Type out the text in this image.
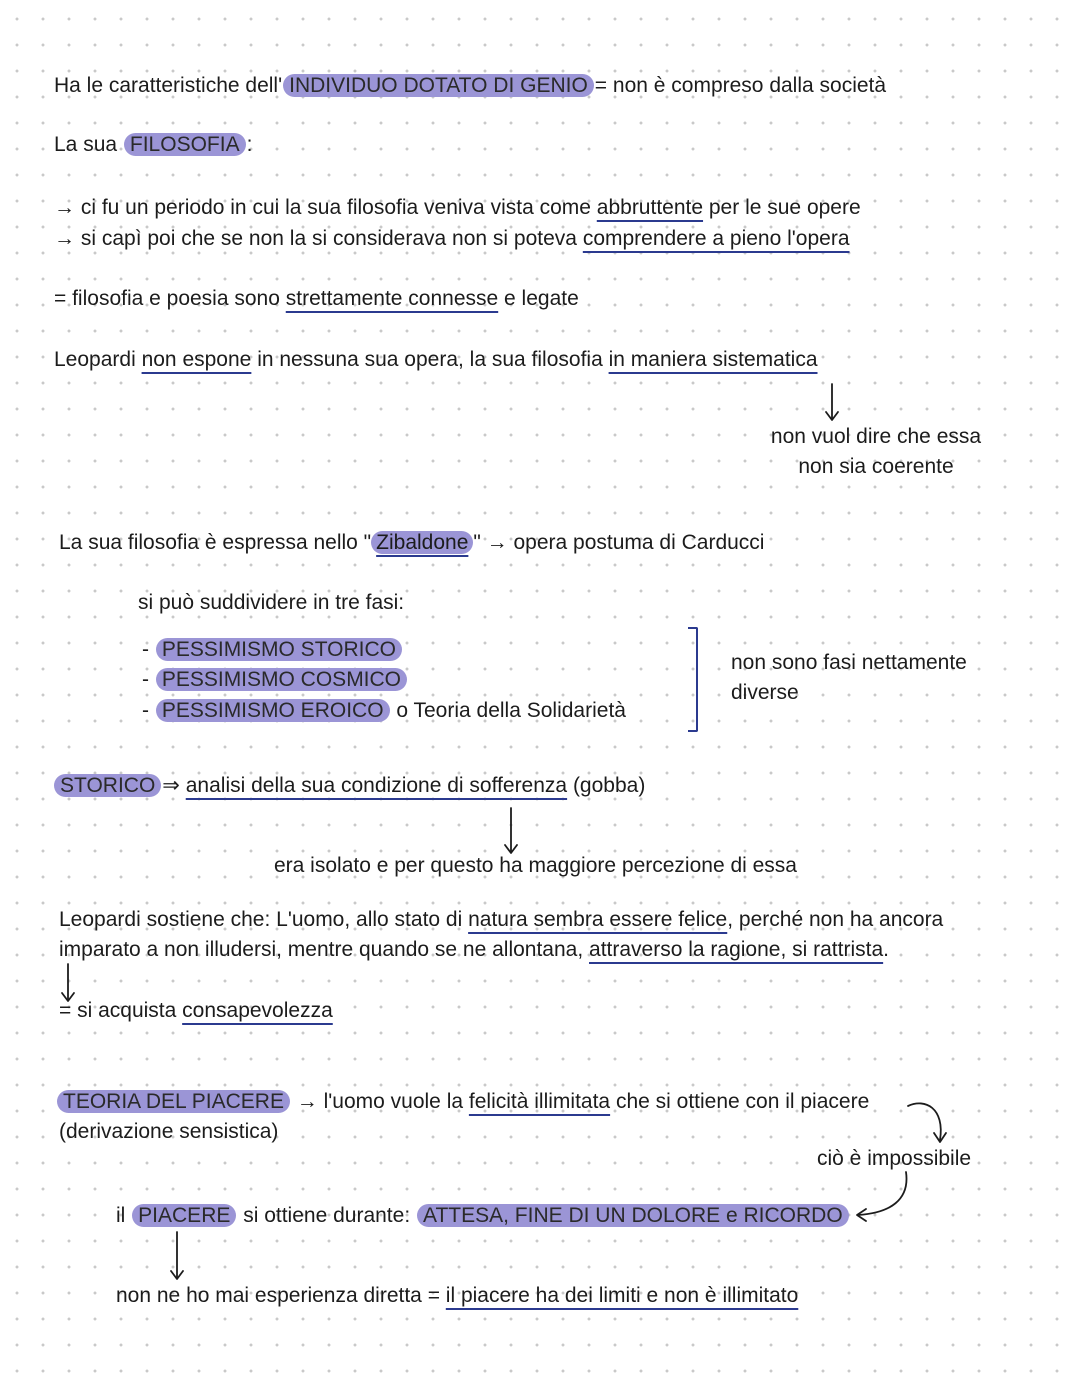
Ha le caratteristiche dell' INDIVIDUO DOTATO DI GENIO = non è compreso dalla società
La sua FILOSOFIA :
→ ci fu un periodo in cui la sua filosofia veniva vista come abbruttente per le sue opere
→ si capì poi che se non la si considerava non si poteva comprendere a pieno l'opera
= filosofia e poesia sono strettamente connesse e legate
Leopardi non espone in nessuna sua opera, la sua filosofia in maniera sistematica
non vuol dire che essa
non sia coerente
La sua filosofia è espressa nello " Zibaldone " → opera postuma di Carducci
si può suddividere in tre fasi:
- PESSIMISMO STORICO
- PESSIMISMO COSMICO
- PESSIMISMO EROICO o Teoria della Solidarietà
non sono fasi nettamente
diverse
STORICO ⇒ analisi della sua condizione di sofferenza (gobba)
era isolato e per questo ha maggiore percezione di essa
Leopardi sostiene che: L'uomo, allo stato di natura sembra essere felice, perché non ha ancora
imparato a non illudersi, mentre quando se ne allontana, attraverso la ragione, si rattrista.
= si acquista consapevolezza
TEORIA DEL PIACERE → l'uomo vuole la felicità illimitata che si ottiene con il piacere
(derivazione sensistica)
ciò è impossibile
il PIACERE si ottiene durante: ATTESA, FINE DI UN DOLORE e RICORDO
non ne ho mai esperienza diretta = il piacere ha dei limiti e non è illimitato
